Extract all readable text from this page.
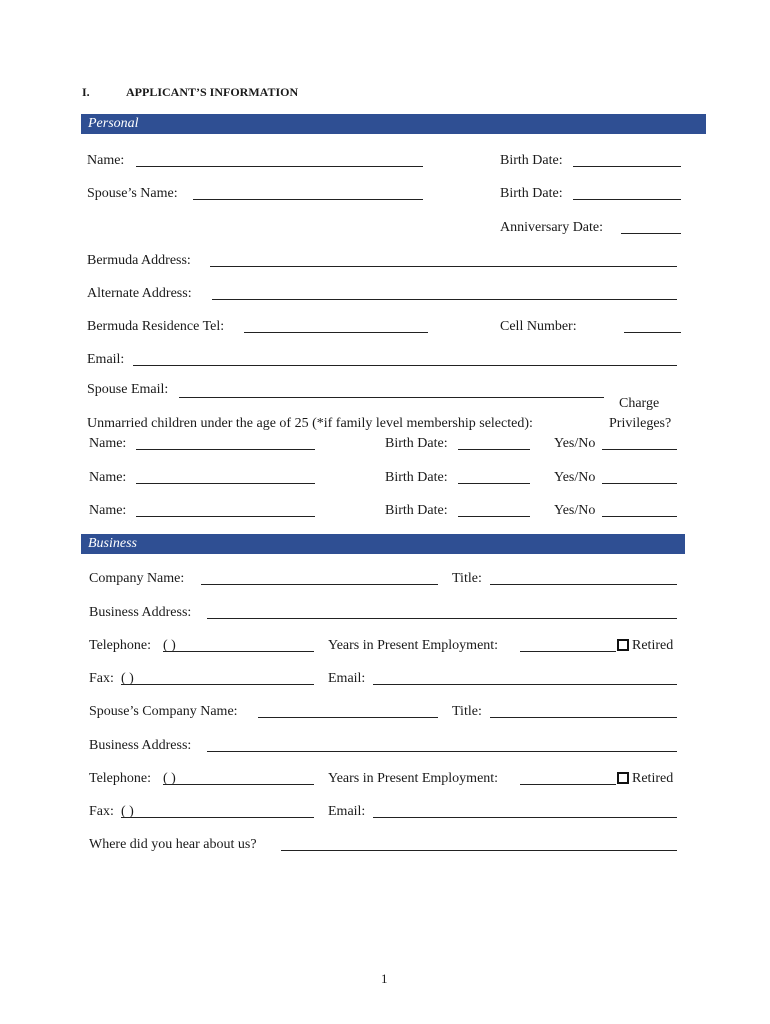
I.	APPLICANT’S INFORMATION
Personal
Name:	Birth Date:
Spouse’s Name:	Birth Date:
Anniversary Date:
Bermuda Address:
Alternate Address:
Bermuda Residence Tel:	Cell Number:
Email:
Spouse Email:
Charge
Privileges?
Unmarried children under the age of 25 (*if family level membership selected):
Name:	Birth Date:	Yes/No
Name:	Birth Date:	Yes/No
Name:	Birth Date:	Yes/No
Business
Company Name:	Title:
Business Address:
Telephone: ( )	Years in Present Employment:	Retired
Fax: ( )	Email:
Spouse’s Company Name:	Title:
Business Address:
Telephone: ( )	Years in Present Employment:	Retired
Fax: ( )	Email:
Where did you hear about us?
1
